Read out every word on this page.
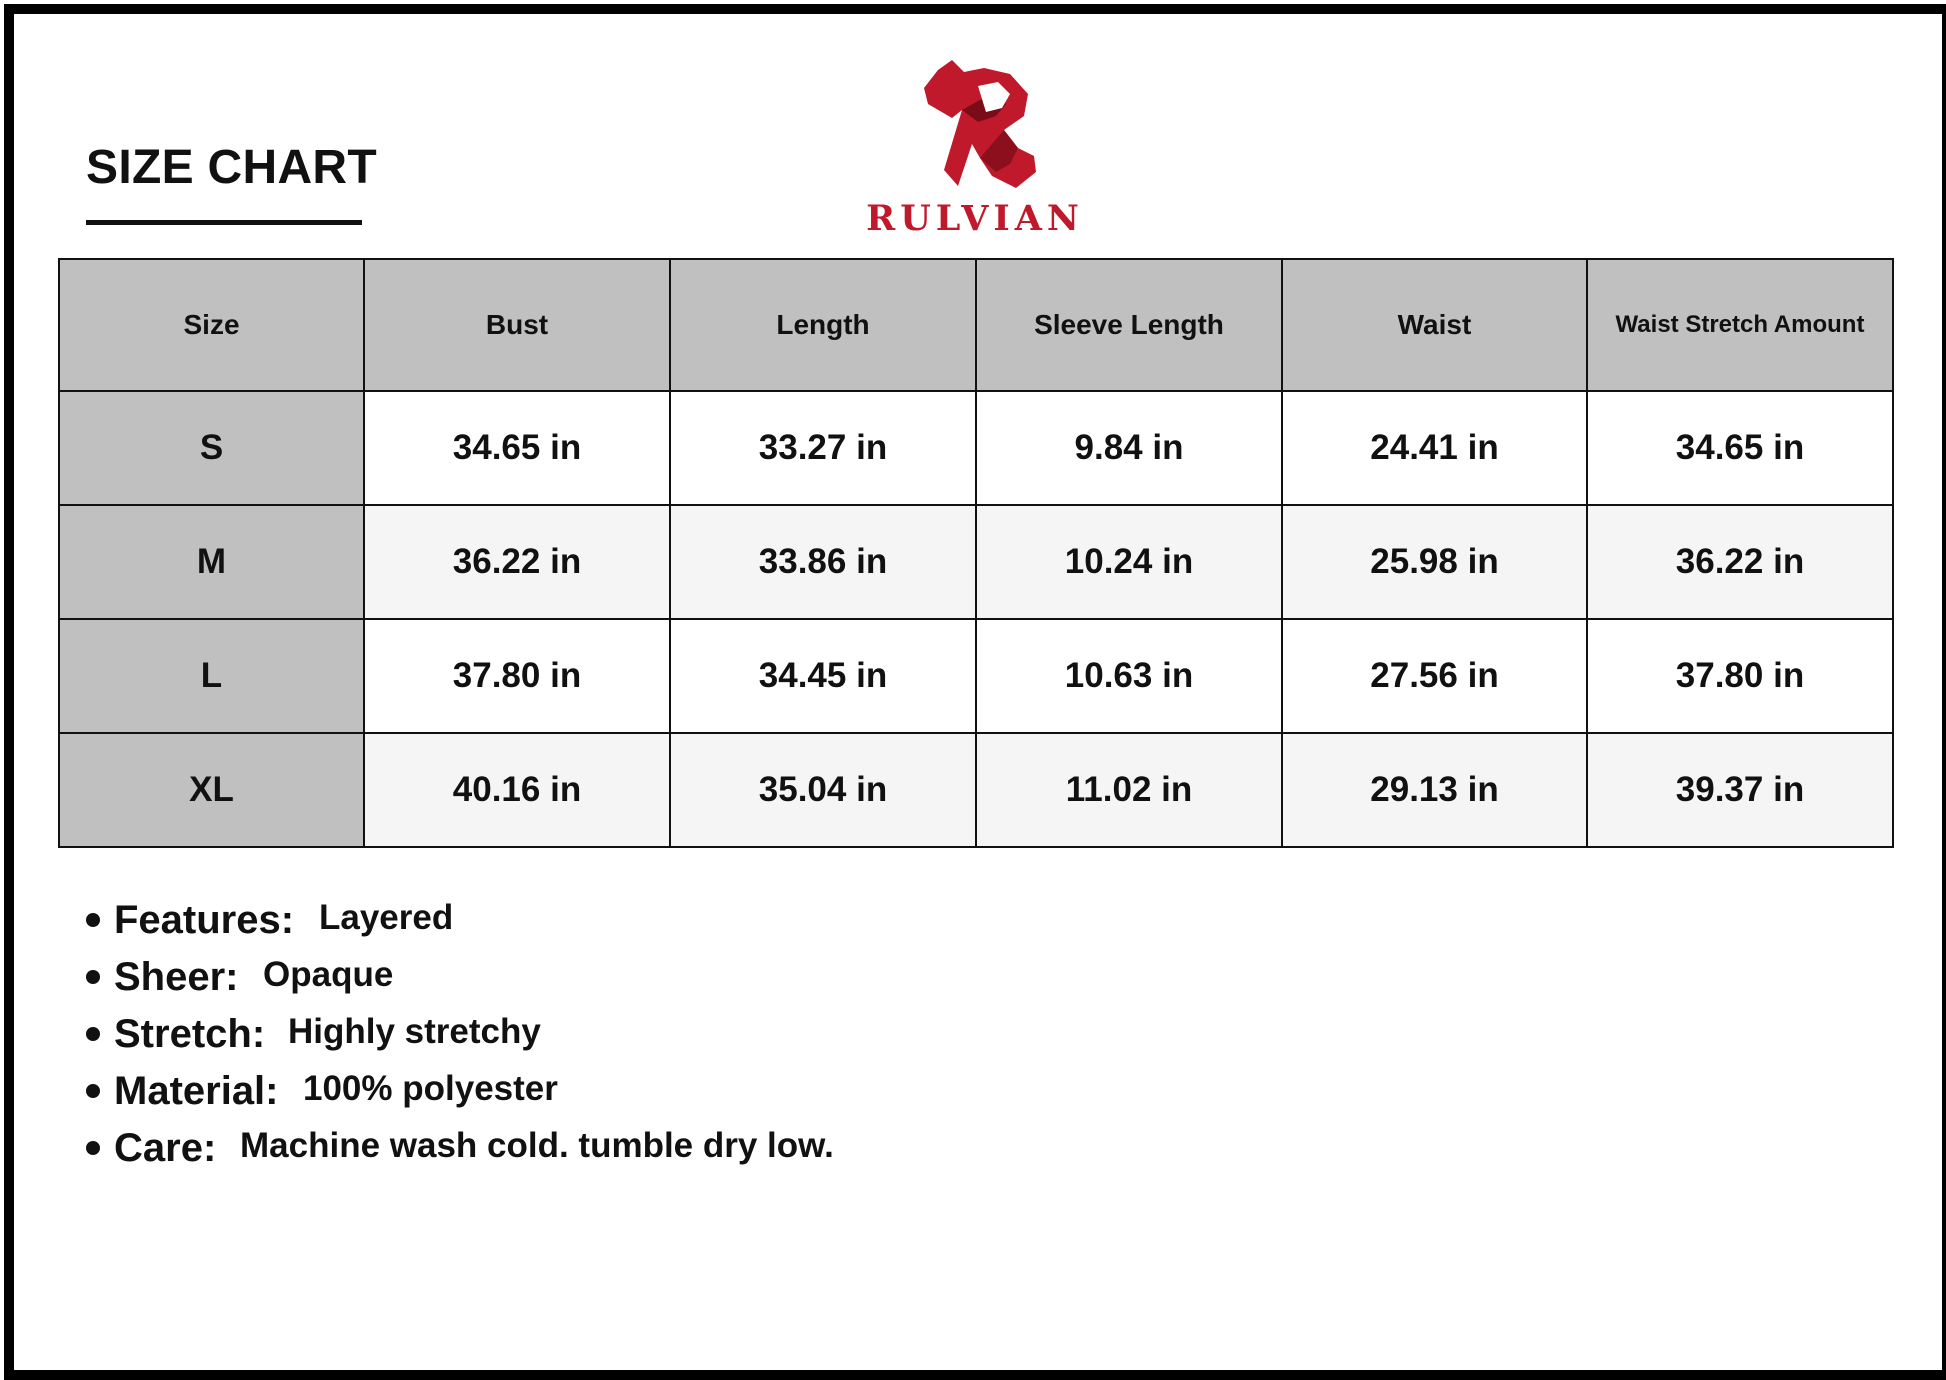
SIZE CHART
RULVIAN
Size	Bust	Length	Sleeve Length	Waist	Waist Stretch Amount
S	34.65 in	33.27 in	9.84 in	24.41 in	34.65 in
M	36.22 in	33.86 in	10.24 in	25.98 in	36.22 in
L	37.80 in	34.45 in	10.63 in	27.56 in	37.80 in
XL	40.16 in	35.04 in	11.02 in	29.13 in	39.37 in
Features: Layered
Sheer: Opaque
Stretch: Highly stretchy
Material: 100% polyester
Care: Machine wash cold. tumble dry low.
